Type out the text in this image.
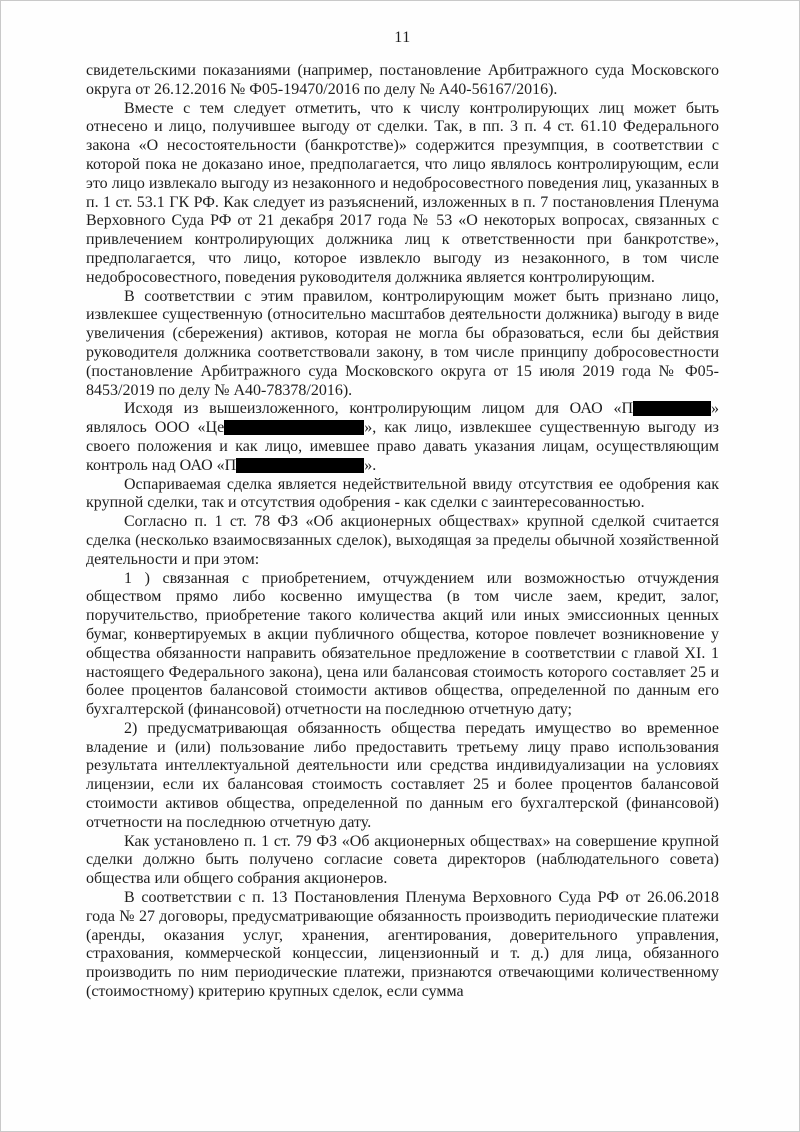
11

свидетельскими показаниями (например, постановление Арбитражного суда Московского округа от 26.12.2016 № Ф05-19470/2016 по делу № А40-56167/2016).

Вместе с тем следует отметить, что к числу контролирующих лиц может быть отнесено и лицо, получившее выгоду от сделки. Так, в пп. 3 п. 4 ст. 61.10 Федерального закона «О несостоятельности (банкротстве)» содержится презумпция, в соответствии с которой пока не доказано иное, предполагается, что лицо являлось контролирующим, если это лицо извлекало выгоду из незаконного и недобросовестного поведения лиц, указанных в п. 1 ст. 53.1 ГК РФ. Как следует из разъяснений, изложенных в п. 7 постановления Пленума Верховного Суда РФ от 21 декабря 2017 года № 53 «О некоторых вопросах, связанных с привлечением контролирующих должника лиц к ответственности при банкротстве», предполагается, что лицо, которое извлекло выгоду из незаконного, в том числе недобросовестного, поведения руководителя должника является контролирующим.

В соответствии с этим правилом, контролирующим может быть признано лицо, извлекшее существенную (относительно масштабов деятельности должника) выгоду в виде увеличения (сбережения) активов, которая не могла бы образоваться, если бы действия руководителя должника соответствовали закону, в том числе принципу добросовестности (постановление Арбитражного суда Московского округа от 15 июля 2019 года № Ф05-8453/2019 по делу № А40-78378/2016).

Исходя из вышеизложенного, контролирующим лицом для ОАО «П	» являлось ООО «Це	», как лицо, извлекшее существенную выгоду из своего положения и как лицо, имевшее право давать указания лицам, осуществляющим контроль над ОАО «П	».

Оспариваемая сделка является недействительной ввиду отсутствия ее одобрения как крупной сделки, так и отсутствия одобрения - как сделки с заинтересованностью.

Согласно п. 1 ст. 78 ФЗ «Об акционерных обществах» крупной сделкой считается сделка (несколько взаимосвязанных сделок), выходящая за пределы обычной хозяйственной деятельности и при этом:

1 ) связанная с приобретением, отчуждением или возможностью отчуждения обществом прямо либо косвенно имущества (в том числе заем, кредит, залог, поручительство, приобретение такого количества акций или иных эмиссионных ценных бумаг, конвертируемых в акции публичного общества, которое повлечет возникновение у общества обязанности направить обязательное предложение в соответствии с главой XI. 1 настоящего Федерального закона), цена или балансовая стоимость которого составляет 25 и более процентов балансовой стоимости активов общества, определенной по данным его бухгалтерской (финансовой) отчетности на последнюю отчетную дату;

2) предусматривающая обязанность общества передать имущество во временное владение и (или) пользование либо предоставить третьему лицу право использования результата интеллектуальной деятельности или средства индивидуализации на условиях лицензии, если их балансовая стоимость составляет 25 и более процентов балансовой стоимости активов общества, определенной по данным его бухгалтерской (финансовой) отчетности на последнюю отчетную дату.

Как установлено п. 1 ст. 79 ФЗ «Об акционерных обществах» на совершение крупной сделки должно быть получено согласие совета директоров (наблюдательного совета) общества или общего собрания акционеров.

В соответствии с п. 13 Постановления Пленума Верховного Суда РФ от 26.06.2018 года № 27 договоры, предусматривающие обязанность производить периодические платежи (аренды, оказания услуг, хранения, агентирования, доверительного управления, страхования, коммерческой концессии, лицензионный и т. д.) для лица, обязанного производить по ним периодические платежи, признаются отвечающими количественному (стоимостному) критерию крупных сделок, если сумма
